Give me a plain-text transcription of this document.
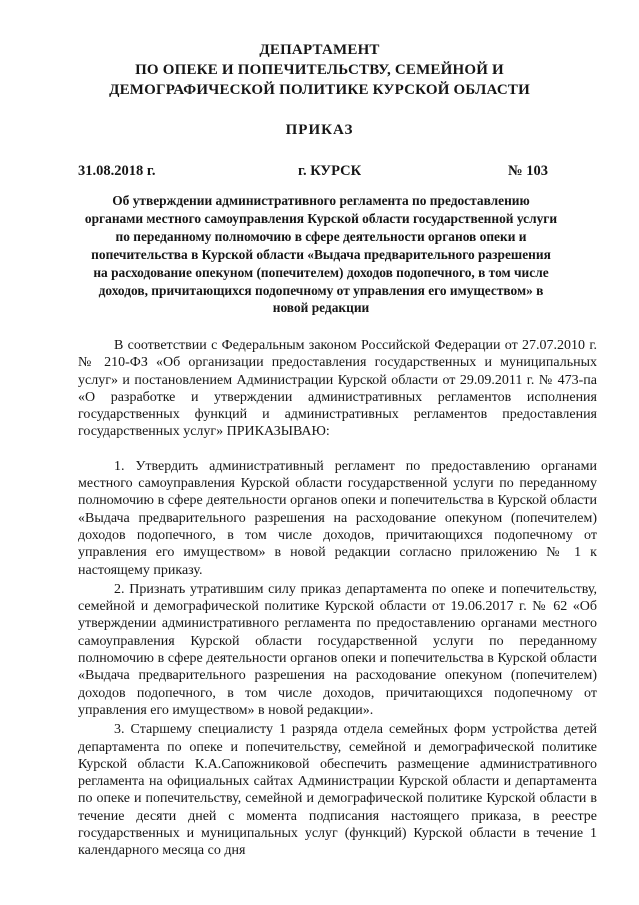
ДЕПАРТАМЕНТ
ПО ОПЕКЕ И ПОПЕЧИТЕЛЬСТВУ, СЕМЕЙНОЙ И
ДЕМОГРАФИЧЕСКОЙ ПОЛИТИКЕ КУРСКОЙ ОБЛАСТИ
ПРИКАЗ
31.08.2018 г.	г. КУРСК	№ 103

Об утверждении административного регламента по предоставлению органами местного самоуправления Курской области государственной услуги по переданному полномочию в сфере деятельности органов опеки и попечительства в Курской области «Выдача предварительного разрешения на расходование опекуном (попечителем) доходов подопечного, в том числе доходов, причитающихся подопечному от управления его имуществом» в новой редакции

В соответствии с Федеральным законом Российской Федерации от 27.07.2010 г. № 210-ФЗ «Об организации предоставления государственных и муниципальных услуг» и постановлением Администрации Курской области от 29.09.2011 г. № 473-па «О разработке и утверждении административных регламентов исполнения государственных функций и административных регламентов предоставления государственных услуг» ПРИКАЗЫВАЮ:

1. Утвердить административный регламент по предоставлению органами местного самоуправления Курской области государственной услуги по переданному полномочию в сфере деятельности органов опеки и попечительства в Курской области «Выдача предварительного разрешения на расходование опекуном (попечителем) доходов подопечного, в том числе доходов, причитающихся подопечному от управления его имуществом» в новой редакции согласно приложению № 1 к настоящему приказу.

2. Признать утратившим силу приказ департамента по опеке и попечительству, семейной и демографической политике Курской области от 19.06.2017 г. № 62 «Об утверждении административного регламента по предоставлению органами местного самоуправления Курской области государственной услуги по переданному полномочию в сфере деятельности органов опеки и попечительства в Курской области «Выдача предварительного разрешения на расходование опекуном (попечителем) доходов подопечного, в том числе доходов, причитающихся подопечному от управления его имуществом» в новой редакции».

3. Старшему специалисту 1 разряда отдела семейных форм устройства детей департамента по опеке и попечительству, семейной и демографической политике Курской области К.А.Сапожниковой обеспечить размещение административного регламента на официальных сайтах Администрации Курской области и департамента по опеке и попечительству, семейной и демографической политике Курской области в течение десяти дней с момента подписания настоящего приказа, в реестре государственных и муниципальных услуг (функций) Курской области в течение 1 календарного месяца со дня
